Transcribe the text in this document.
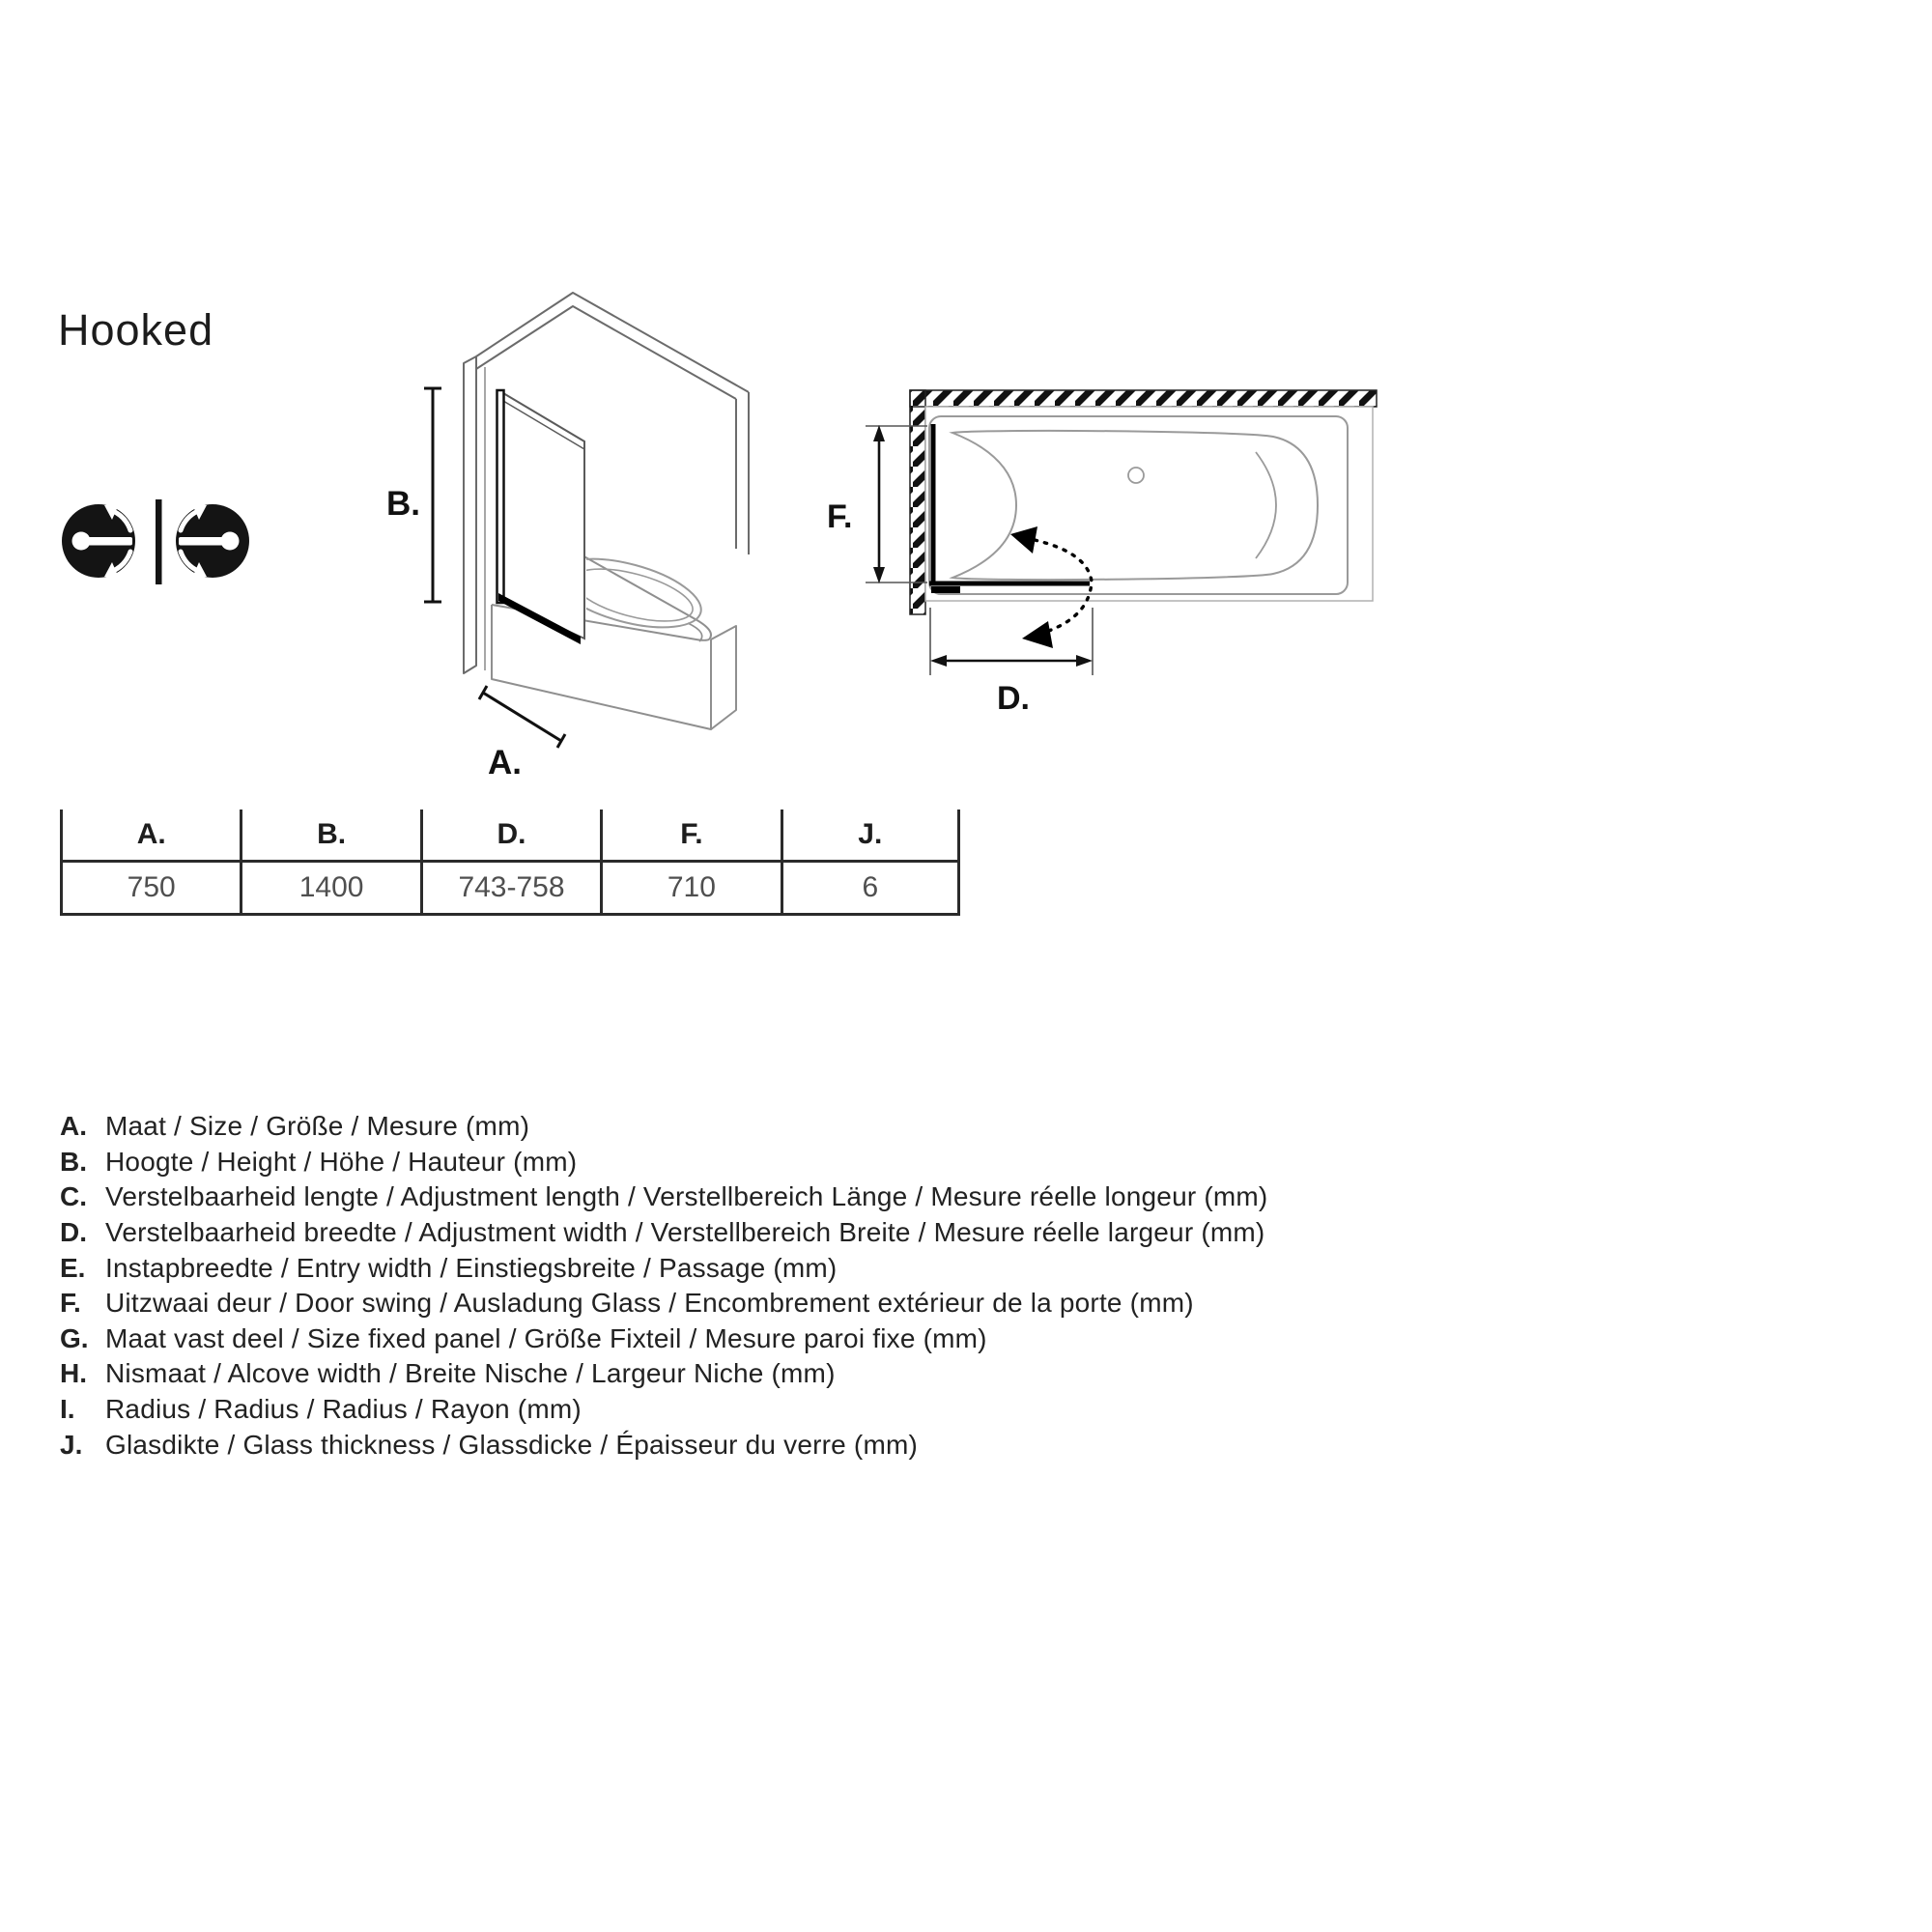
Hooked
B.
A.
F.
D.
A.	B.	D.	F.	J.
750	1400	743-758	710	6
A. Maat / Size / Größe / Mesure (mm)
B. Hoogte / Height / Höhe / Hauteur (mm)
C. Verstelbaarheid lengte / Adjustment length / Verstellbereich Länge / Mesure réelle longeur (mm)
D. Verstelbaarheid breedte / Adjustment width / Verstellbereich Breite / Mesure réelle largeur (mm)
E. Instapbreedte / Entry width / Einstiegsbreite / Passage (mm)
F. Uitzwaai deur / Door swing / Ausladung Glass / Encombrement extérieur de la porte (mm)
G. Maat vast deel / Size fixed panel / Größe Fixteil / Mesure paroi fixe (mm)
H. Nismaat / Alcove width / Breite Nische / Largeur Niche (mm)
I.	Radius / Radius / Radius / Rayon (mm)
J. Glasdikte / Glass thickness / Glassdicke / Épaisseur du verre (mm)
